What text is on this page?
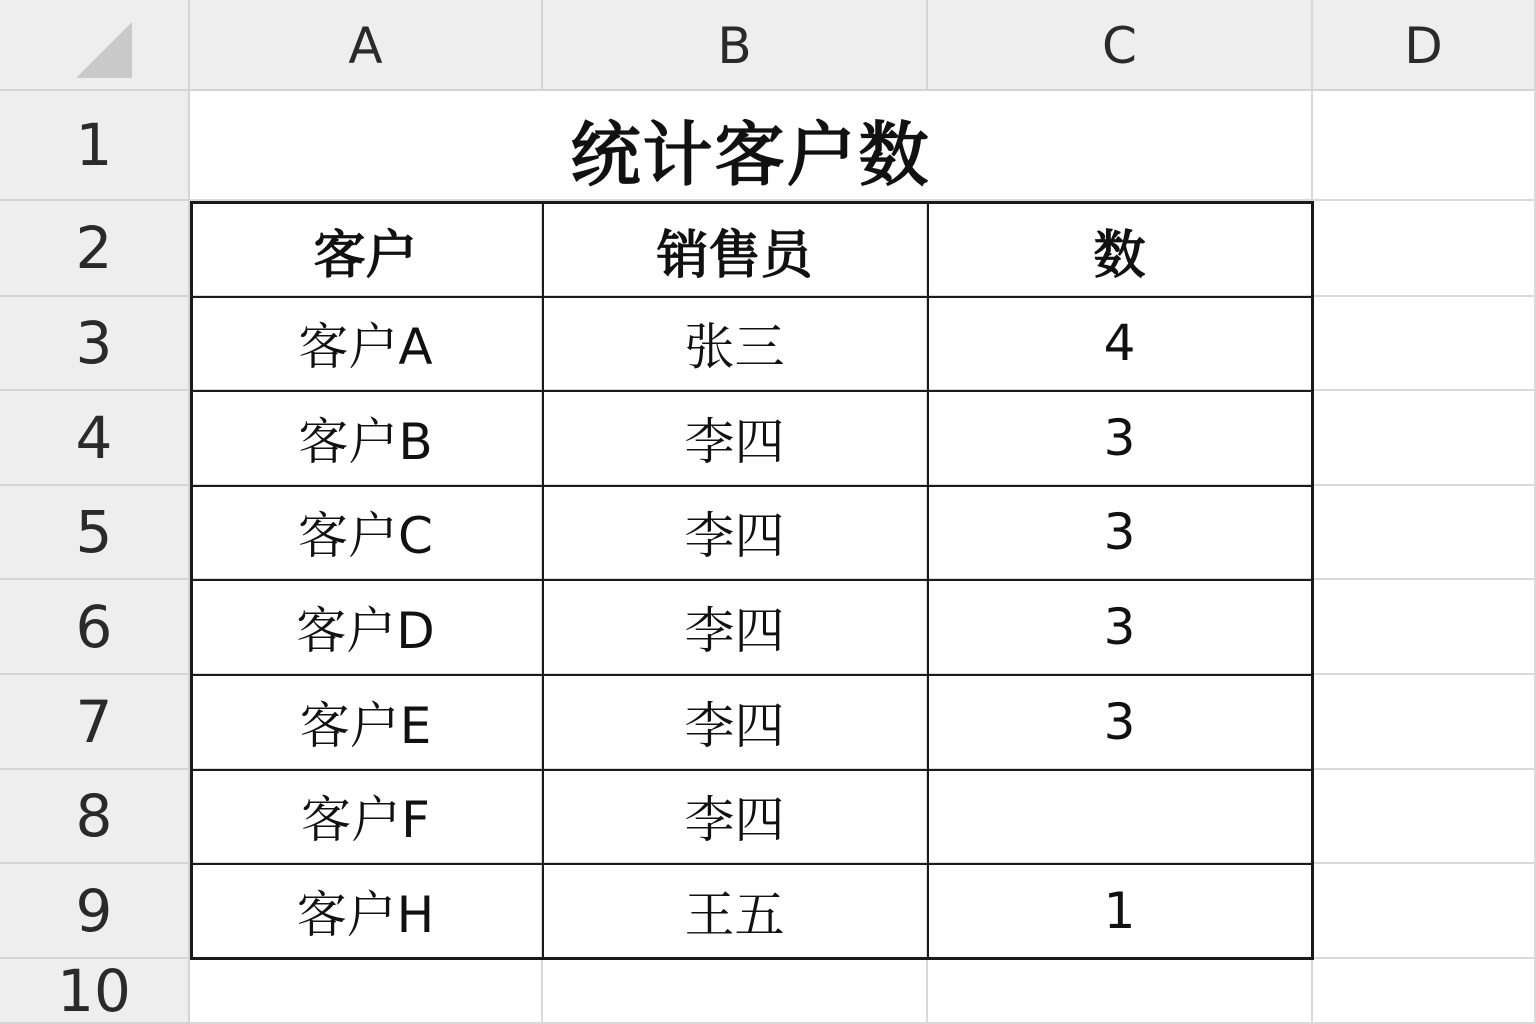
A	B	C	D
1
2
3
4
5
6
7
8
9
10
客户	销售员	数
客户A	张三	4
客户B	李四	3
客户C	李四	3
客户D	李四	3
客户E	李四	3
客户F	李四
客户H	王五	1
统计客户数
